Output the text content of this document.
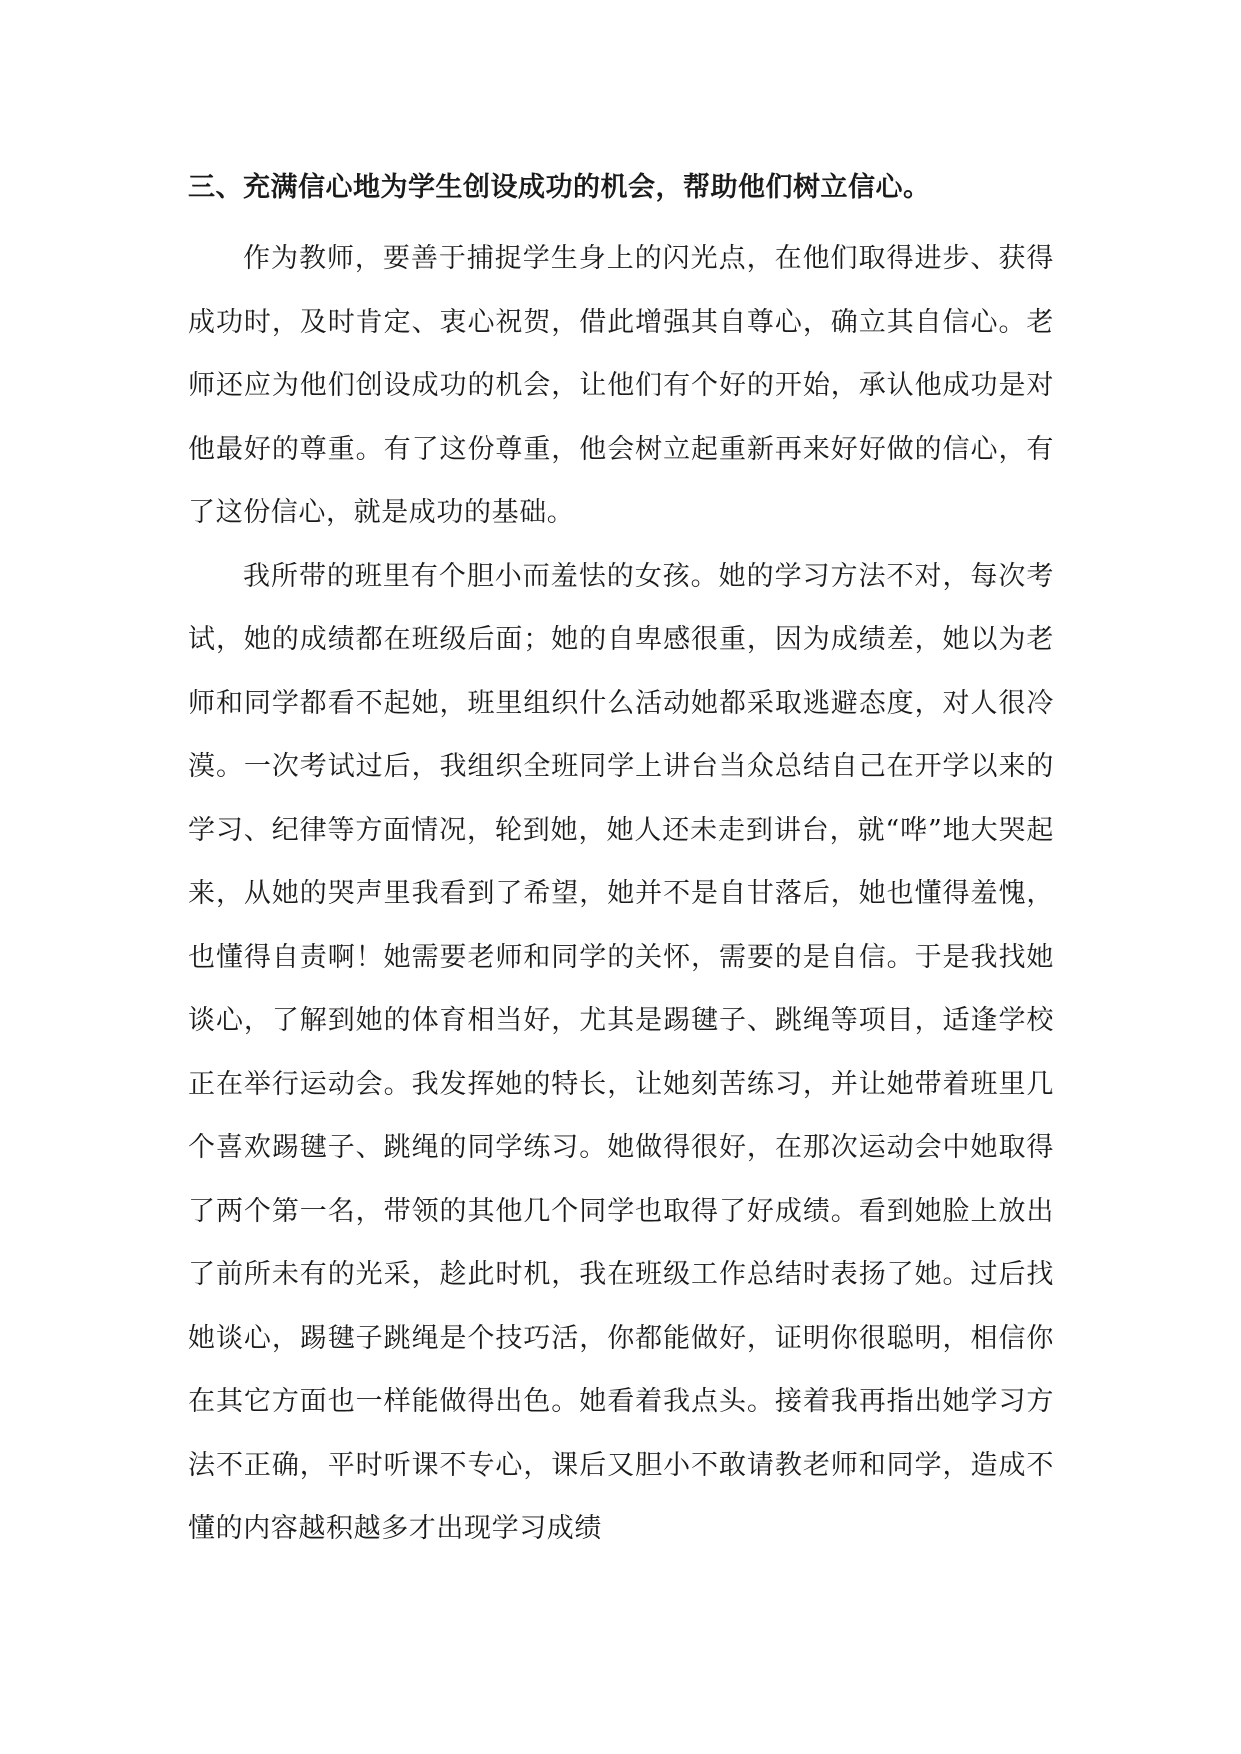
三、充满信心地为学生创设成功的机会，帮助他们树立信心。

作为教师，要善于捕捉学生身上的闪光点，在他们取得进步、获得成功时，及时肯定、衷心祝贺，借此增强其自尊心，确立其自信心。老师还应为他们创设成功的机会，让他们有个好的开始，承认他成功是对他最好的尊重。有了这份尊重，他会树立起重新再来好好做的信心，有了这份信心，就是成功的基础。

我所带的班里有个胆小而羞怯的女孩。她的学习方法不对，每次考试，她的成绩都在班级后面；她的自卑感很重，因为成绩差，她以为老师和同学都看不起她，班里组织什么活动她都采取逃避态度，对人很冷漠。一次考试过后，我组织全班同学上讲台当众总结自己在开学以来的学习、纪律等方面情况，轮到她，她人还未走到讲台，就“哗”地大哭起来，从她的哭声里我看到了希望，她并不是自甘落后，她也懂得羞愧，也懂得自责啊！她需要老师和同学的关怀，需要的是自信。于是我找她谈心，了解到她的体育相当好，尤其是踢毽子、跳绳等项目，适逢学校正在举行运动会。我发挥她的特长，让她刻苦练习，并让她带着班里几个喜欢踢毽子、跳绳的同学练习。她做得很好，在那次运动会中她取得了两个第一名，带领的其他几个同学也取得了好成绩。看到她脸上放出了前所未有的光采，趁此时机，我在班级工作总结时表扬了她。过后找她谈心，踢毽子跳绳是个技巧活，你都能做好，证明你很聪明，相信你在其它方面也一样能做得出色。她看着我点头。接着我再指出她学习方法不正确，平时听课不专心，课后又胆小不敢请教老师和同学，造成不懂的内容越积越多才出现学习成绩
